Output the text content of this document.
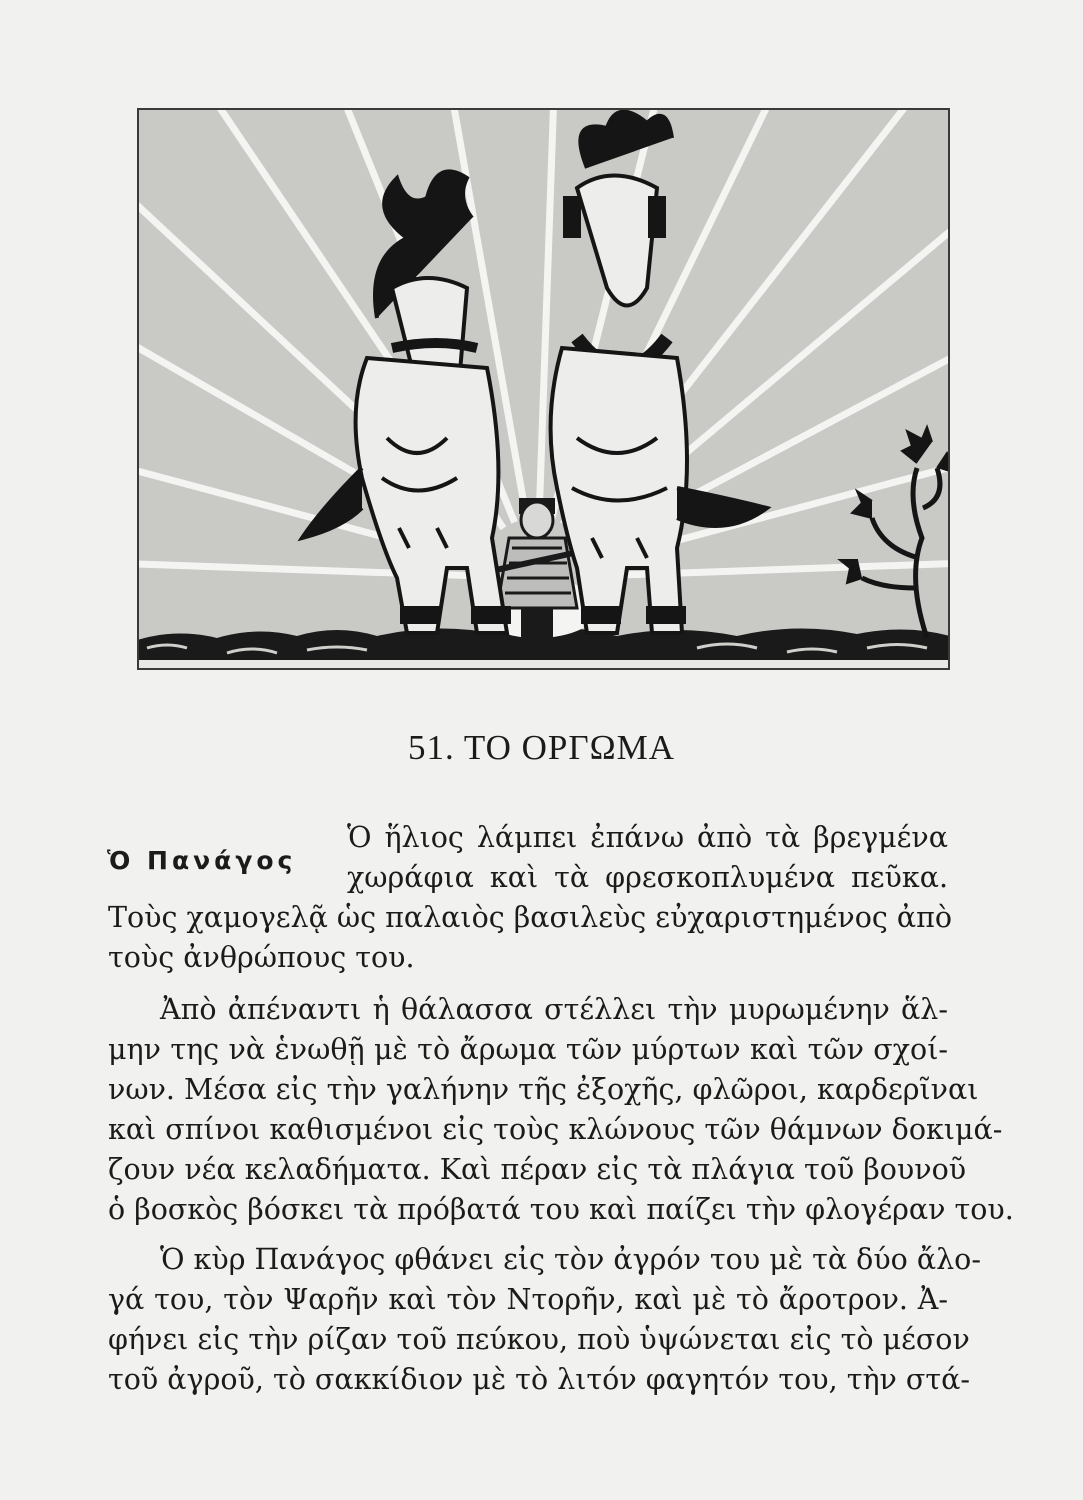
51. ΤΟ ΟΡΓΩΜΑ
Ὁ Πανάγος
Ὁ ἥλιος λάμπει ἐπάνω ἀπὸ τὰ βρεγμένα
χωράφια καὶ τὰ φρεσκοπλυμένα πεῦκα.
Τοὺς χαμογελᾷ ὡς παλαιὸς βασιλεὺς εὐχαριστημένος ἀπὸ
τοὺς ἀνθρώπους του.
Ἀπὸ ἀπέναντι ἡ θάλασσα στέλλει τὴν μυρωμένην ἅλ-
μην της νὰ ἑνωθῇ μὲ τὸ ἄρωμα τῶν μύρτων καὶ τῶν σχοί-
νων. Μέσα εἰς τὴν γαλήνην τῆς ἐξοχῆς, φλῶροι, καρδερῖναι
καὶ σπίνοι καθισμένοι εἰς τοὺς κλώνους τῶν θάμνων δοκιμά-
ζουν νέα κελαδήματα. Καὶ πέραν εἰς τὰ πλάγια τοῦ βουνοῦ
ὁ βοσκὸς βόσκει τὰ πρόβατά του καὶ παίζει τὴν φλογέραν του.
Ὁ κὺρ Πανάγος φθάνει εἰς τὸν ἀγρόν του μὲ τὰ δύο ἄλο-
γά του, τὸν Ψαρῆν καὶ τὸν Ντορῆν, καὶ μὲ τὸ ἄροτρον. Ἀ-
φήνει εἰς τὴν ρίζαν τοῦ πεύκου, ποὺ ὑψώνεται εἰς τὸ μέσον
τοῦ ἀγροῦ, τὸ σακκίδιον μὲ τὸ λιτόν φαγητόν του, τὴν στά-
